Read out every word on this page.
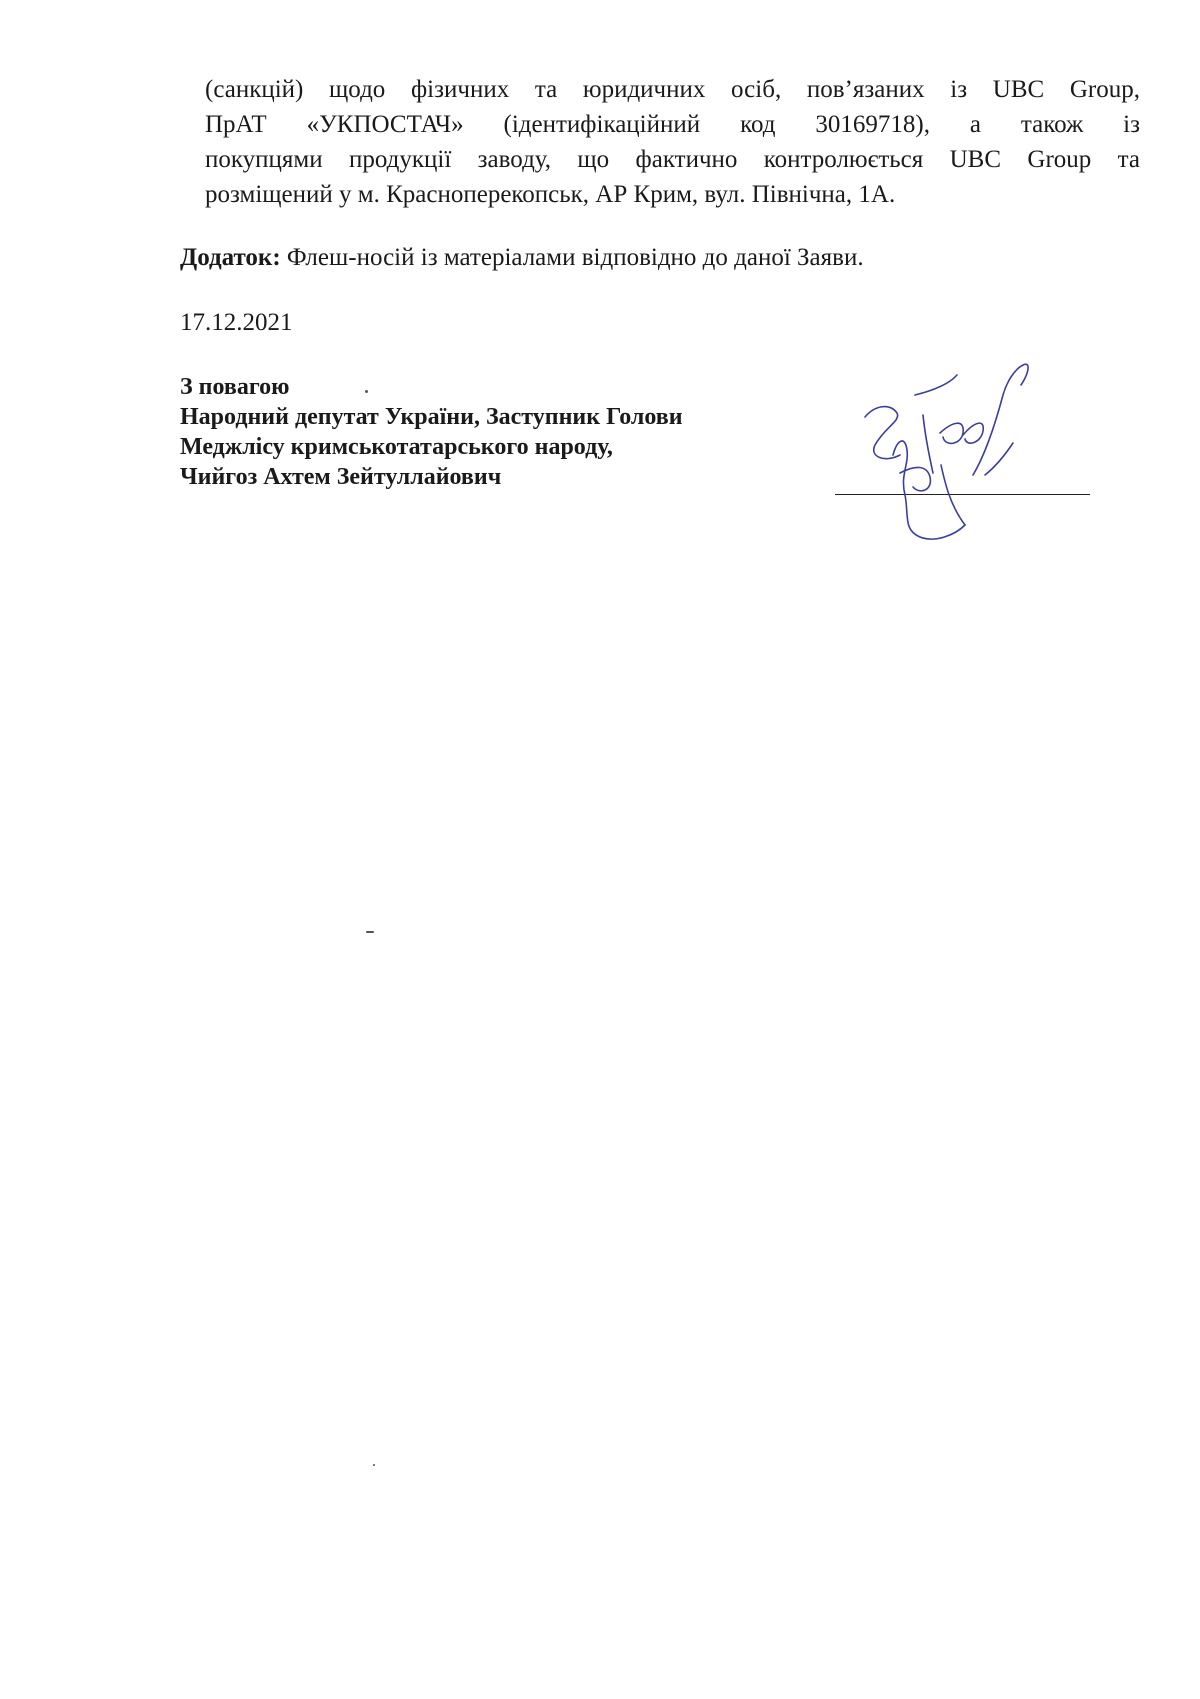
(санкцій) щодо фізичних та юридичних осіб, пов’язаних із UBC Group,
ПрАТ «УКПОСТАЧ» (ідентифікаційний код 30169718), а також із
покупцями продукції заводу, що фактично контролюється UBC Group та
розміщений у м. Краснoперекопськ, АР Крим, вул. Північна, 1А.
Додаток: Флеш-носій із матеріалами відповідно до даної Заяви.
17.12.2021
З повагою
Народний депутат України, Заступник Голови
Меджлісу кримськотатарського народу,
Чийгоз Ахтем Зейтуллайович
